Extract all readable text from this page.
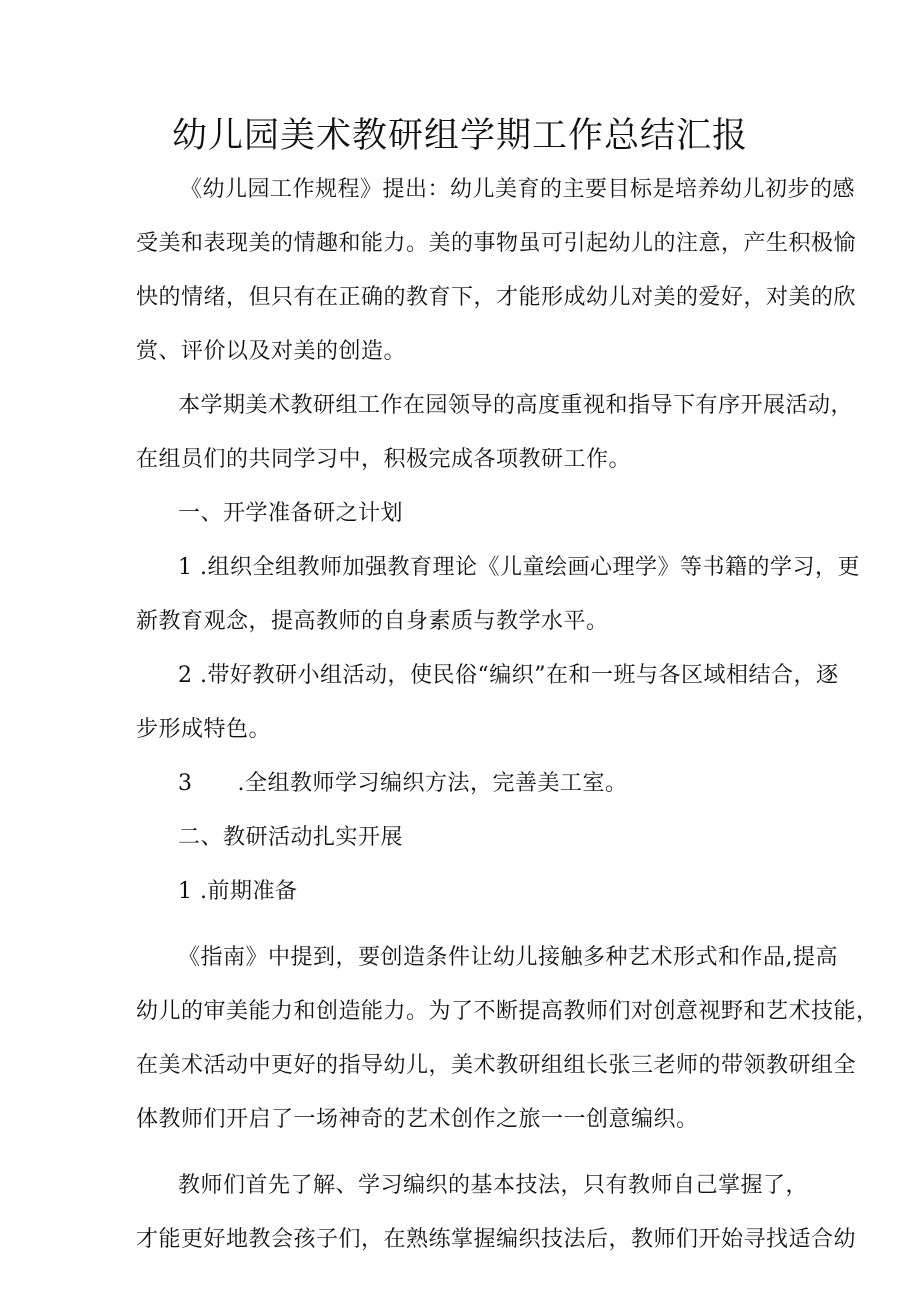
幼儿园美术教研组学期工作总结汇报
《幼儿园工作规程》提出：幼儿美育的主要目标是培养幼儿初步的感
受美和表现美的情趣和能力。美的事物虽可引起幼儿的注意，产生积极愉
快的情绪，但只有在正确的教育下，才能形成幼儿对美的爱好，对美的欣
赏、评价以及对美的创造。
本学期美术教研组工作在园领导的高度重视和指导下有序开展活动，
在组员们的共同学习中，积极完成各项教研工作。
一、开学准备研之计划
1 .组织全组教师加强教育理论《儿童绘画心理学》等书籍的学习，更
新教育观念，提高教师的自身素质与教学水平。
2 .带好教研小组活动，使民俗“编织”在和一班与各区域相结合，逐
步形成特色。
3　　.全组教师学习编织方法，完善美工室。
二、教研活动扎实开展
1 .前期准备
《指南》中提到，要创造条件让幼儿接触多种艺术形式和作品,提高
幼儿的审美能力和创造能力。为了不断提高教师们对创意视野和艺术技能，
在美术活动中更好的指导幼儿，美术教研组组长张三老师的带领教研组全
体教师们开启了一场神奇的艺术创作之旅一一创意编织。
教师们首先了解、学习编织的基本技法，只有教师自己掌握了，
才能更好地教会孩子们，在熟练掌握编织技法后，教师们开始寻找适合幼
